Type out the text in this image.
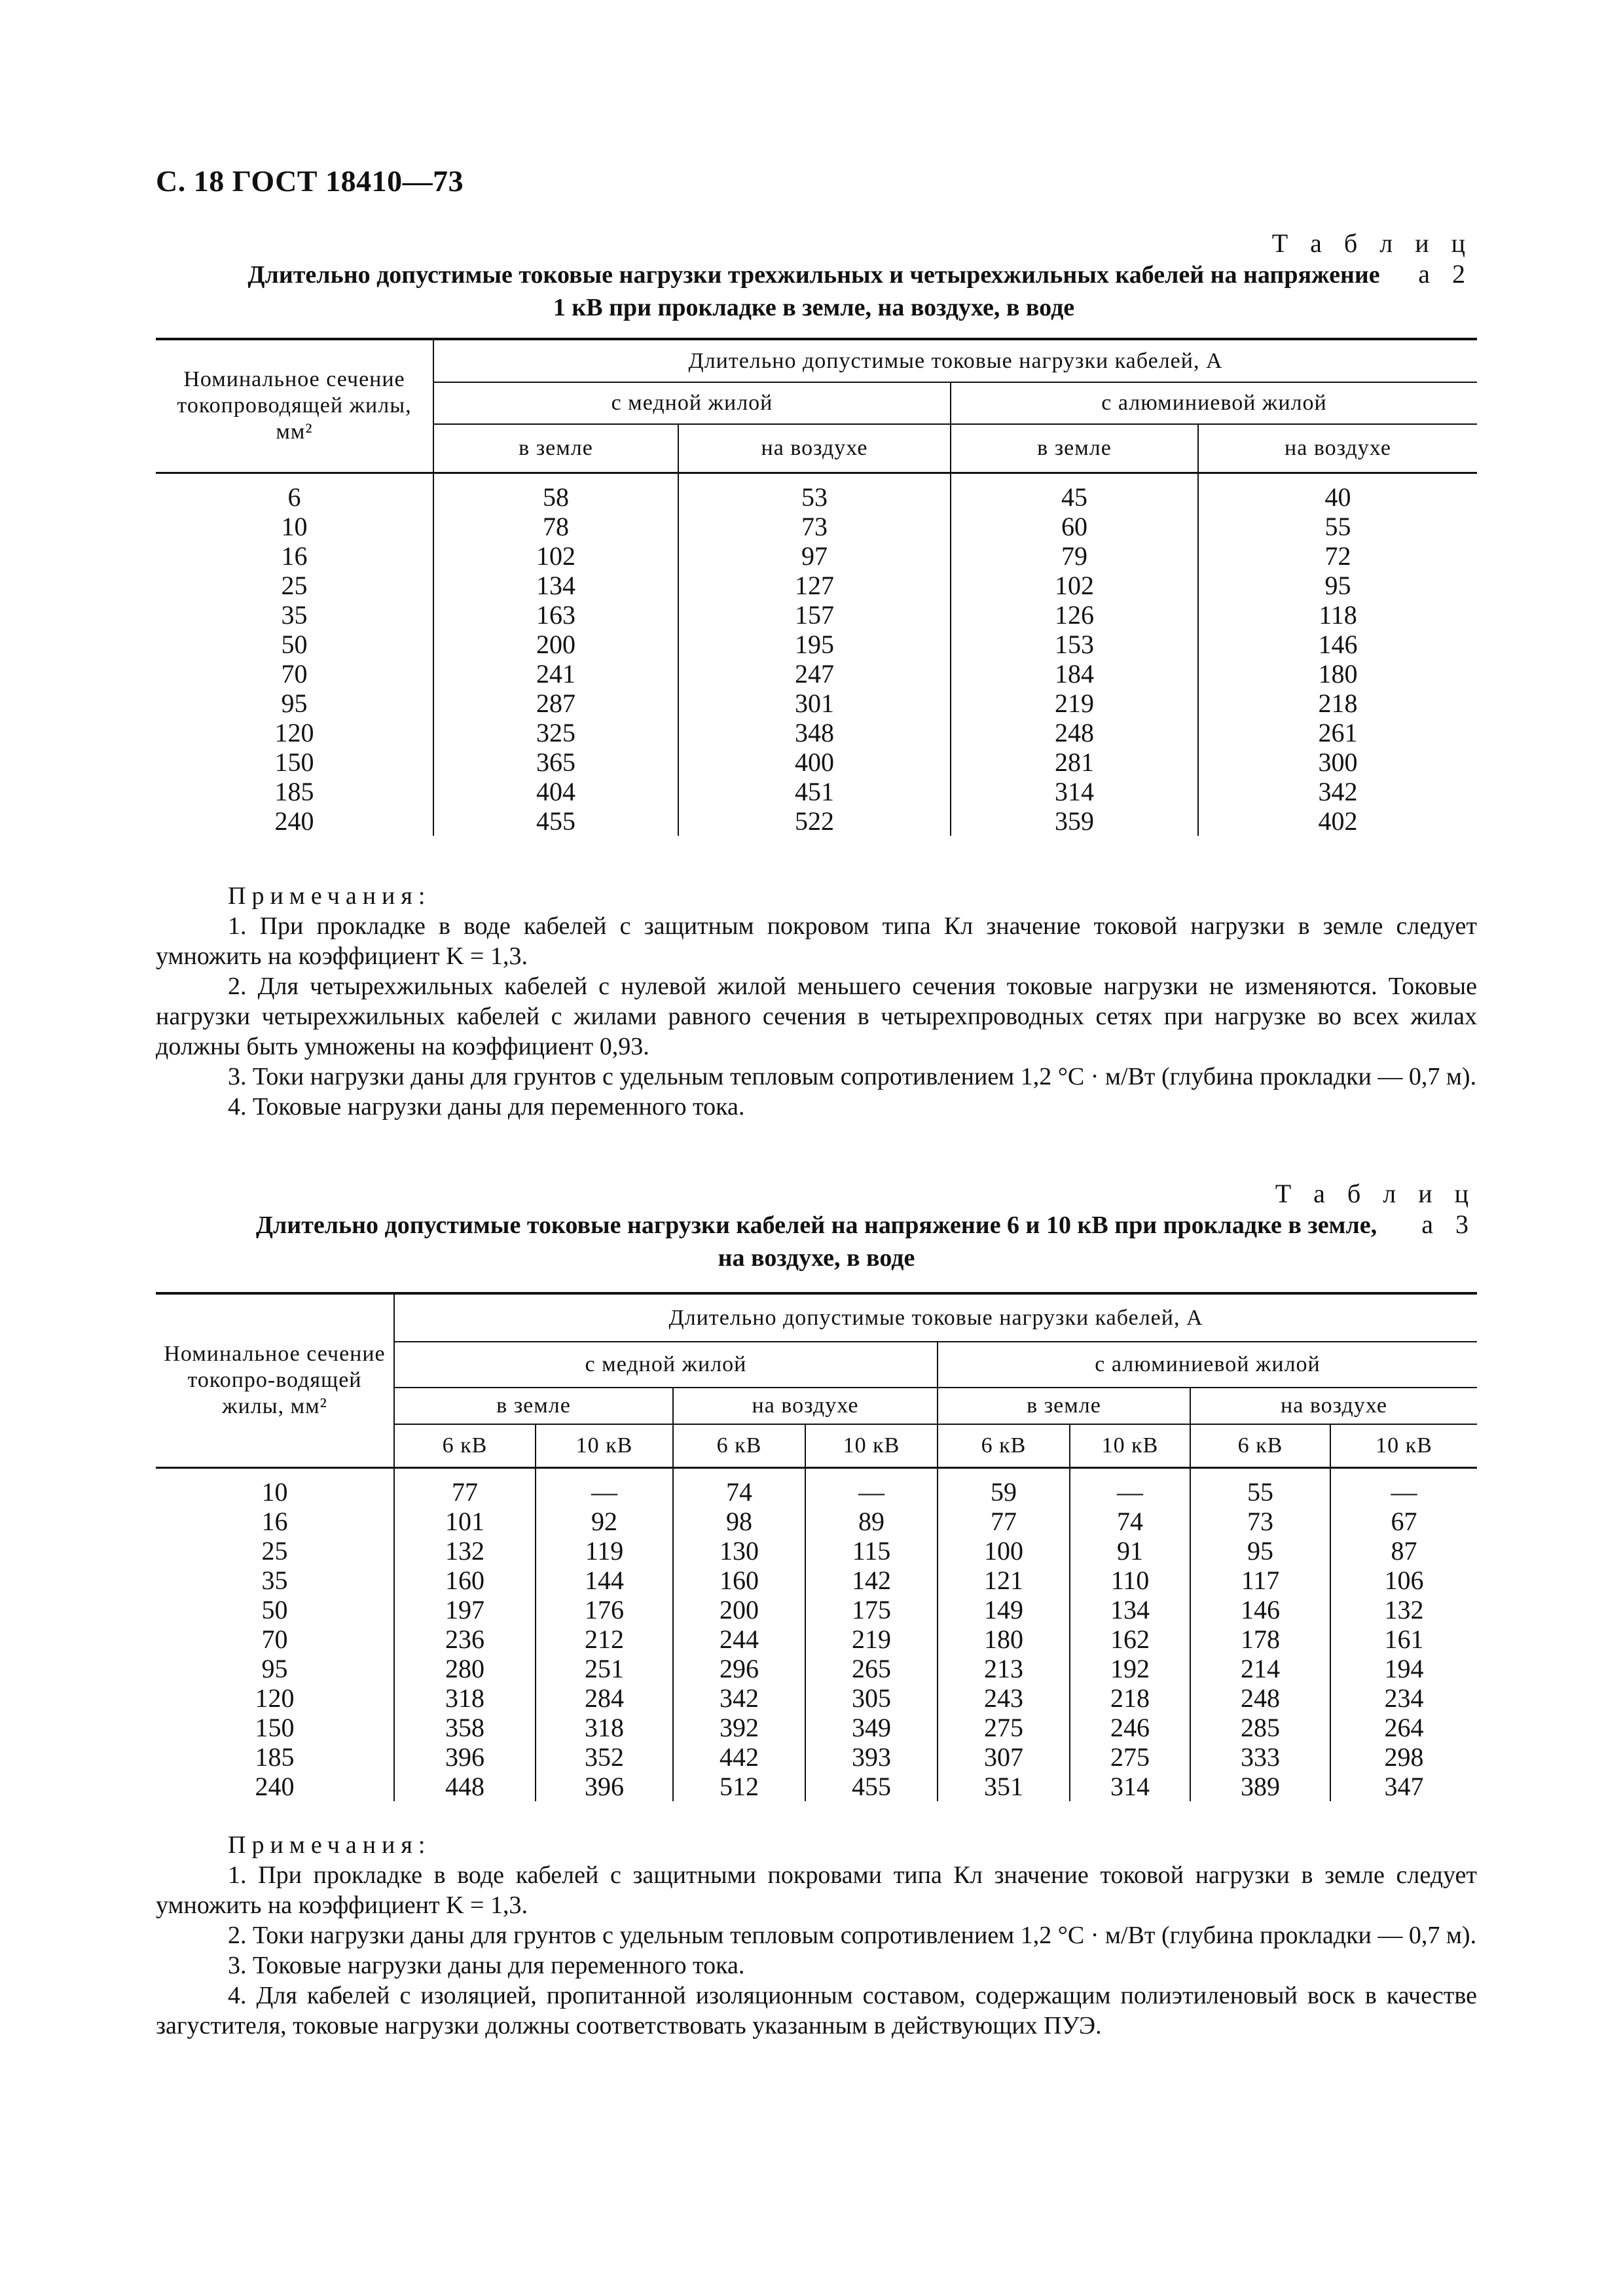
С. 18 ГОСТ 18410—73
Т а б л и ц а 2
Длительно допустимые токовые нагрузки трехжильных и четырехжильных кабелей на напряжение
1 кВ при прокладке в земле, на воздухе, в воде
Номинальное сечение токопроводящей жилы, мм²	Длительно допустимые токовые нагрузки кабелей, А			
	с медной жилой		с алюминиевой жилой	
	в земле	на воздухе	в земле	на воздухе
6	58	53	45	40
10	78	73	60	55
16	102	97	79	72
25	134	127	102	95
35	163	157	126	118
50	200	195	153	146
70	241	247	184	180
95	287	301	219	218
120	325	348	248	261
150	365	400	281	300
185	404	451	314	342
240	455	522	359	402
Примечания:
1. При прокладке в воде кабелей с защитным покровом типа Кл значение токовой нагрузки в земле следует умножить на коэффициент K = 1,3.
2. Для четырехжильных кабелей с нулевой жилой меньшего сечения токовые нагрузки не изменяются. Токовые нагрузки четырехжильных кабелей с жилами равного сечения в четырехпроводных сетях при нагрузке во всех жилах должны быть умножены на коэффициент 0,93.
3. Токи нагрузки даны для грунтов с удельным тепловым сопротивлением 1,2 °С · м/Вт (глубина прокладки — 0,7 м).
4. Токовые нагрузки даны для переменного тока.
Т а б л и ц а 3
Длительно допустимые токовые нагрузки кабелей на напряжение 6 и 10 кВ при прокладке в земле,
на воздухе, в воде
Номинальное сечение токопро-водящей жилы, мм²	Длительно допустимые токовые нагрузки кабелей, А							
	с медной жилой				с алюминиевой жилой			
	в земле		на воздухе		в земле		на воздухе	
	6 кВ	10 кВ	6 кВ	10 кВ	6 кВ	10 кВ	6 кВ	10 кВ
10	77	—	74	—	59	—	55	—
16	101	92	98	89	77	74	73	67
25	132	119	130	115	100	91	95	87
35	160	144	160	142	121	110	117	106
50	197	176	200	175	149	134	146	132
70	236	212	244	219	180	162	178	161
95	280	251	296	265	213	192	214	194
120	318	284	342	305	243	218	248	234
150	358	318	392	349	275	246	285	264
185	396	352	442	393	307	275	333	298
240	448	396	512	455	351	314	389	347
Примечания:
1. При прокладке в воде кабелей с защитными покровами типа Кл значение токовой нагрузки в земле следует умножить на коэффициент K = 1,3.
2. Токи нагрузки даны для грунтов с удельным тепловым сопротивлением 1,2 °С · м/Вт (глубина прокладки — 0,7 м).
3. Токовые нагрузки даны для переменного тока.
4. Для кабелей с изоляцией, пропитанной изоляционным составом, содержащим полиэтиленовый воск в качестве загустителя, токовые нагрузки должны соответствовать указанным в действующих ПУЭ.
